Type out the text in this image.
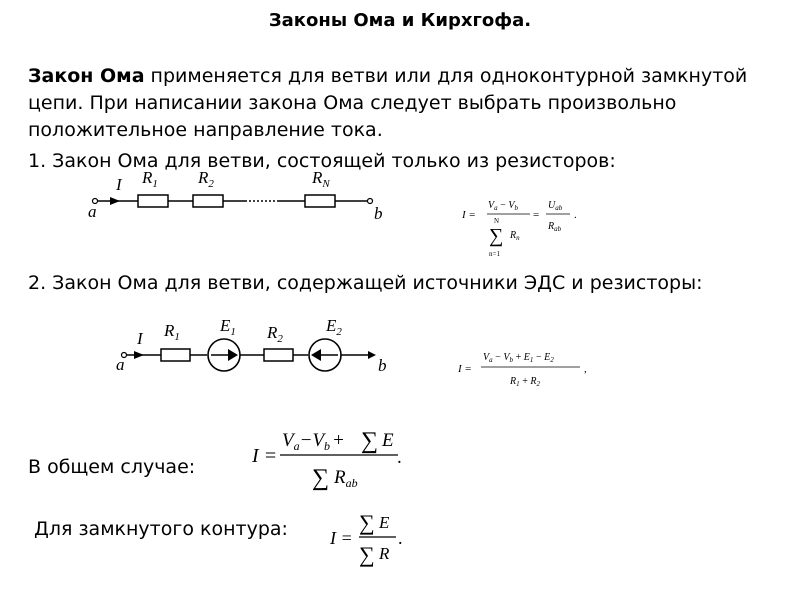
Законы Ома и Кирхгофа.
Закон Ома применяется для ветви или для одноконтурной замкнутой цепи. При написании закона Ома следует выбрать произвольно положительное направление тока.
1. Закон Ома для ветви, состоящей только из резисторов:
a	b
I $R_1$ $R_2$	$R_N$
I =
$V_a - V_b$
N
∑
n=1
$R_n$
=
$U_{ab}$
$R_{ab}$
.
2. Закон Ома для ветви, содержащей источники ЭДС и резисторы:
a	b
I $R_1$
$E_1$ $R_2$
$E_2$
I =
$V_a - V_b + E_1 - E_2$
$R_1 + R_2$
,
В общем случае:	I =
$V_a-V_b$ + ∑ E
∑ $R_{ab}$
.
Для замкнутого контура:	I =
∑ E
∑ R
.
